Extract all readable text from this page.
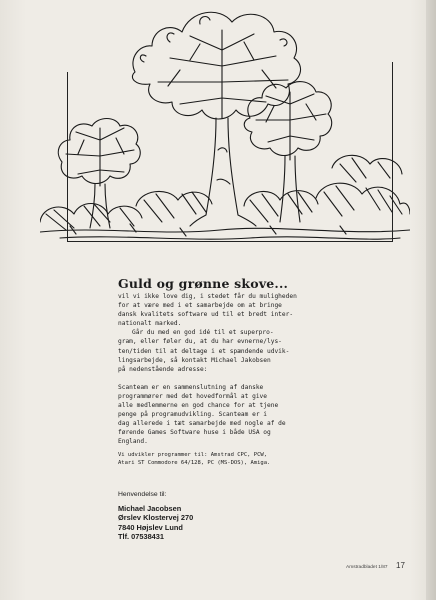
Guld og grønne skove...

vil vi ikke love dig, i stedet får du muligheden

for at være med i et samarbejde om at bringe

dansk kvalitets software ud til et bredt inter-

nationalt marked.

Går du med en god idé til et superpro-

gram, eller føler du, at du har evnerne/lys-

ten/tiden til at deltage i et spændende udvik-

lingsarbejde, så kontakt Michael Jakobsen

på nedenstående adresse:

Scanteam er en sammenslutning af danske

programmører med det hovedformål at give

alle medlemmerne en god chance for at tjene

penge på programudvikling. Scanteam er i

dag allerede i tæt samarbejde med nogle af de

førende Games Software huse i både USA og

England.

Vi udvikler programmer til: Amstrad CPC, PCW,
Atari ST Commodore 64/128, PC (MS-DOS), Amiga.
Henvendelse til:
Michael Jacobsen
Ørslev Klostervej 270
7840 Højslev Lund
Tlf. 07538431
Amstradbladet 1/87 17
